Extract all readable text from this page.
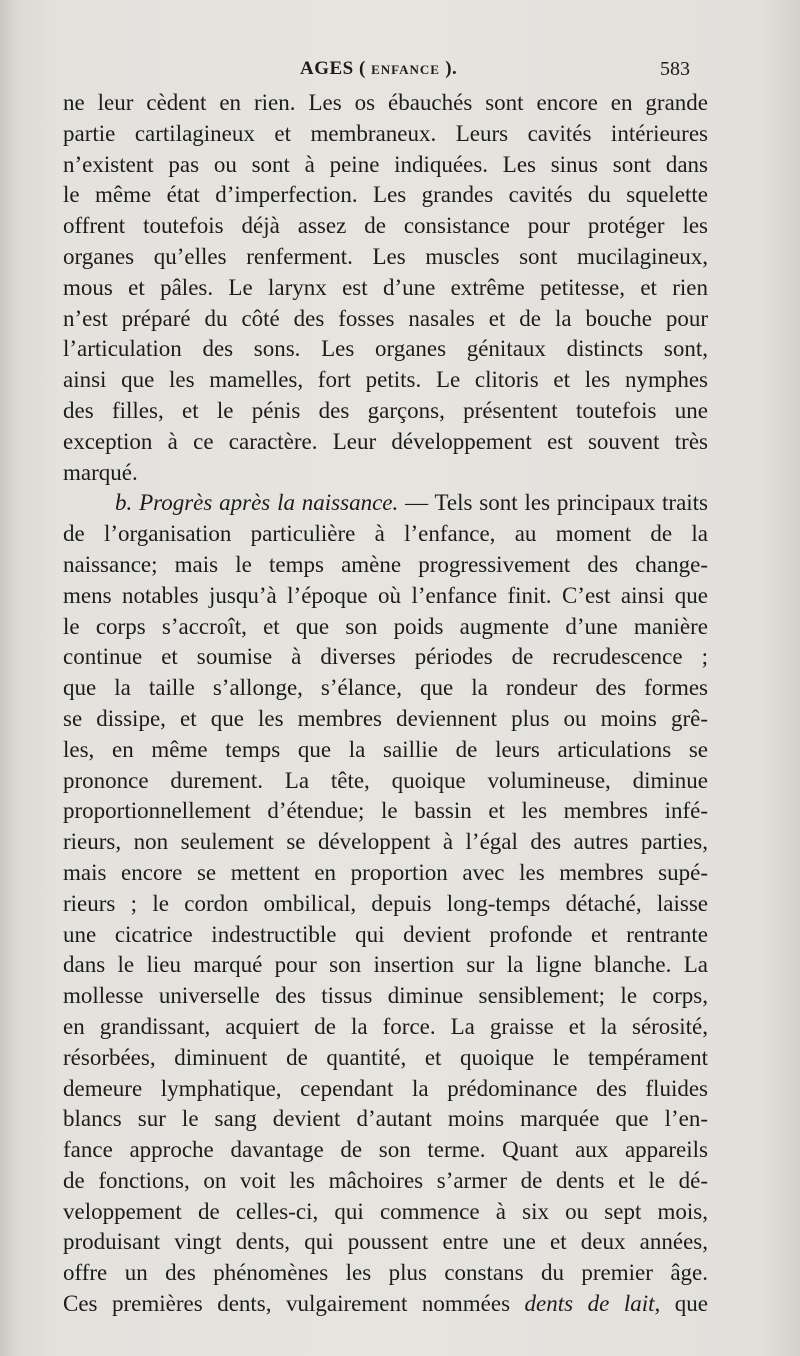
AGES ( ENFANCE ).	583
ne leur cèdent en rien. Les os ébauchés sont encore en grande
partie cartilagineux et membraneux. Leurs cavités intérieures
n’existent pas ou sont à peine indiquées. Les sinus sont dans
le même état d’imperfection. Les grandes cavités du squelette
offrent toutefois déjà assez de consistance pour protéger les
organes qu’elles renferment. Les muscles sont mucilagineux,
mous et pâles. Le larynx est d’une extrême petitesse, et rien
n’est préparé du côté des fosses nasales et de la bouche pour
l’articulation des sons. Les organes génitaux distincts sont,
ainsi que les mamelles, fort petits. Le clitoris et les nymphes
des filles, et le pénis des garçons, présentent toutefois une
exception à ce caractère. Leur développement est souvent très
marqué.
b. Progrès après la naissance. — Tels sont les principaux traits
de l’organisation particulière à l’enfance, au moment de la
naissance; mais le temps amène progressivement des change-
mens notables jusqu’à l’époque où l’enfance finit. C’est ainsi que
le corps s’accroît, et que son poids augmente d’une manière
continue et soumise à diverses périodes de recrudescence ;
que la taille s’allonge, s’élance, que la rondeur des formes
se dissipe, et que les membres deviennent plus ou moins grê-
les, en même temps que la saillie de leurs articulations se
prononce durement. La tête, quoique volumineuse, diminue
proportionnellement d’étendue; le bassin et les membres infé-
rieurs, non seulement se développent à l’égal des autres parties,
mais encore se mettent en proportion avec les membres supé-
rieurs ; le cordon ombilical, depuis long-temps détaché, laisse
une cicatrice indestructible qui devient profonde et rentrante
dans le lieu marqué pour son insertion sur la ligne blanche. La
mollesse universelle des tissus diminue sensiblement; le corps,
en grandissant, acquiert de la force. La graisse et la sérosité,
résorbées, diminuent de quantité, et quoique le tempérament
demeure lymphatique, cependant la prédominance des fluides
blancs sur le sang devient d’autant moins marquée que l’en-
fance approche davantage de son terme. Quant aux appareils
de fonctions, on voit les mâchoires s’armer de dents et le dé-
veloppement de celles-ci, qui commence à six ou sept mois,
produisant vingt dents, qui poussent entre une et deux années,
offre un des phénomènes les plus constans du premier âge.
Ces premières dents, vulgairement nommées dents de lait, que
